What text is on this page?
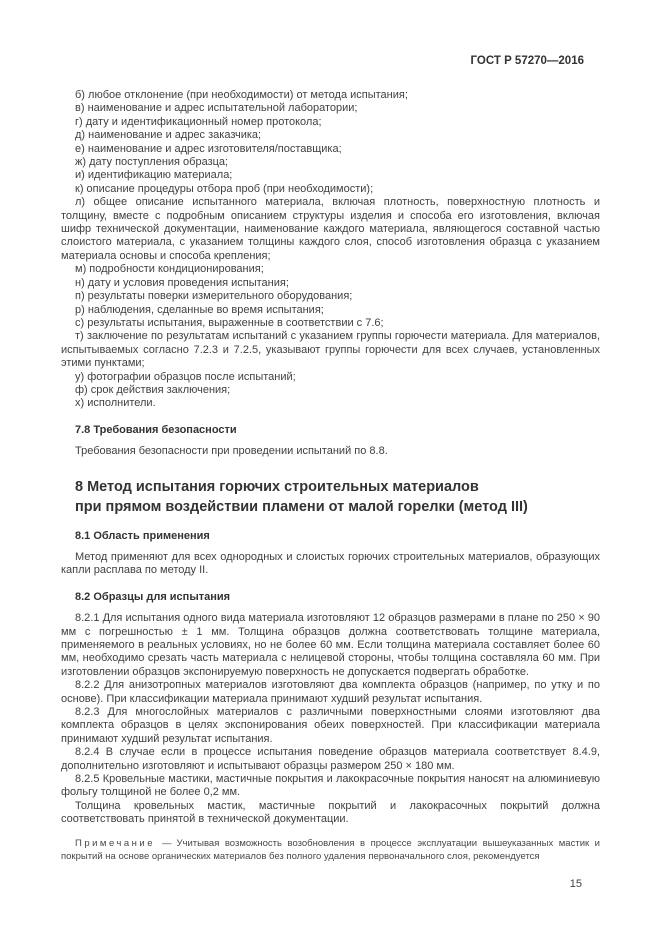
ГОСТ Р 57270—2016

б) любое отклонение (при необходимости) от метода испытания;

в) наименование и адрес испытательной лаборатории;

г) дату и идентификационный номер протокола;

д) наименование и адрес заказчика;

е) наименование и адрес изготовителя/поставщика;

ж) дату поступления образца;

и) идентификацию материала;

к) описание процедуры отбора проб (при необходимости);

л) общее описание испытанного материала, включая плотность, поверхностную плотность и толщину, вместе с подробным описанием структуры изделия и способа его изготовления, включая шифр технической документации, наименование каждого материала, являющегося составной частью слоистого материала, с указанием толщины каждого слоя, способ изготовления образца с указанием материала основы и способа крепления;

м) подробности кондиционирования;

н) дату и условия проведения испытания;

п) результаты поверки измерительного оборудования;

р) наблюдения, сделанные во время испытания;

с) результаты испытания, выраженные в соответствии с 7.6;

т) заключение по результатам испытаний с указанием группы горючести материала. Для материалов, испытываемых согласно 7.2.3 и 7.2.5, указывают группы горючести для всех случаев, установленных этими пунктами;

у) фотографии образцов после испытаний;

ф) срок действия заключения;

х) исполнители.

7.8 Требования безопасности

Требования безопасности при проведении испытаний по 8.8.

8 Метод испытания горючих строительных материалов
при прямом воздействии пламени от малой горелки (метод III)
8.1 Область применения

Метод применяют для всех однородных и слоистых горючих строительных материалов, образующих капли расплава по методу II.

8.2 Образцы для испытания

8.2.1 Для испытания одного вида материала изготовляют 12 образцов размерами в плане по 250 × 90 мм с погрешностью ± 1 мм. Толщина образцов должна соответствовать толщине материала, применяемого в реальных условиях, но не более 60 мм. Если толщина материала составляет более 60 мм, необходимо срезать часть материала с нелицевой стороны, чтобы толщина составляла 60 мм. При изготовлении образцов экспонируемую поверхность не допускается подвергать обработке.

8.2.2 Для анизотропных материалов изготовляют два комплекта образцов (например, по утку и по основе). При классификации материала принимают худший результат испытания.

8.2.3 Для многослойных материалов с различными поверхностными слоями изготовляют два комплекта образцов в целях экспонирования обеих поверхностей. При классификации материала принимают худший результат испытания.

8.2.4 В случае если в процессе испытания поведение образцов материала соответствует 8.4.9, дополнительно изготовляют и испытывают образцы размером 250 × 180 мм.

8.2.5 Кровельные мастики, мастичные покрытия и лакокрасочные покрытия наносят на алюминиевую фольгу толщиной не более 0,2 мм.

Толщина кровельных мастик, мастичные покрытий и лакокрасочных покрытий должна соответствовать принятой в технической документации.

Примечание — Учитывая возможность возобновления в процессе эксплуатации вышеуказанных мастик и покрытий на основе органических материалов без полного удаления первоначального слоя, рекомендуется

15
